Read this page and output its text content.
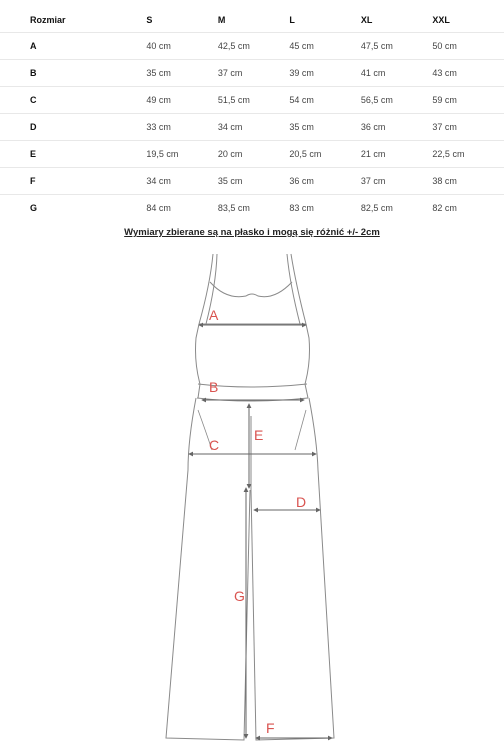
Rozmiar	S	M	L	XL	XXL
A	40 cm	42,5 cm	45 cm	47,5 cm	50 cm
B	35 cm	37 cm	39 cm	41 cm	43 cm
C	49 cm	51,5 cm	54 cm	56,5 cm	59 cm
D	33 cm	34 cm	35 cm	36 cm	37 cm
E	19,5 cm	20 cm	20,5 cm	21 cm	22,5 cm
F	34 cm	35 cm	36 cm	37 cm	38 cm
G	84 cm	83,5 cm	83 cm	82,5 cm	82 cm
Wymiary zbierane są na płasko i mogą się różnić +/- 2cm
A
B
C
D
E
G
F
